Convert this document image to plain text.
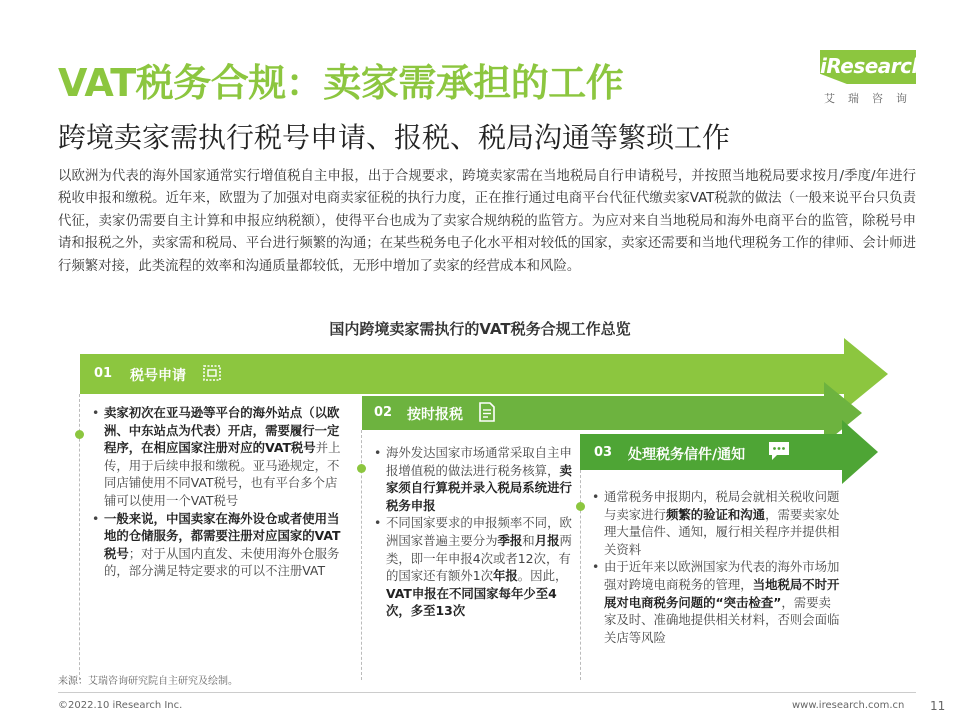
VAT税务合规：卖家需承担的工作
跨境卖家需执行税号申请、报税、税局沟通等繁琐工作
iResearch
艾瑞咨询
以欧洲为代表的海外国家通常实行增值税自主申报，出于合规要求，跨境卖家需在当地税局自行申请税号，并按照当地税局要求按月/季度/年进行税收申报和缴税。近年来，欧盟为了加强对电商卖家征税的执行力度，正在推行通过电商平台代征代缴卖家VAT税款的做法（一般来说平台只负责代征，卖家仍需要自主计算和申报应纳税额），使得平台也成为了卖家合规纳税的监管方。为应对来自当地税局和海外电商平台的监管，除税号申请和报税之外，卖家需和税局、平台进行频繁的沟通；在某些税务电子化水平相对较低的国家，卖家还需要和当地代理税务工作的律师、会计师进行频繁对接，此类流程的效率和沟通质量都较低，无形中增加了卖家的经营成本和风险。
国内跨境卖家需执行的VAT税务合规工作总览
01 税号申请
02 按时报税
03 处理税务信件/通知
• 卖家初次在亚马逊等平台的海外站点（以欧洲、中东站点为代表）开店，需要履行一定程序，在相应国家注册对应的VAT税号并上传，用于后续申报和缴税。亚马逊规定，不同店铺使用不同VAT税号，也有平台多个店铺可以使用一个VAT税号
• 一般来说，中国卖家在海外设仓或者使用当地的仓储服务，都需要注册对应国家的VAT税号；对于从国内直发、未使用海外仓服务的，部分满足特定要求的可以不注册VAT
• 海外发达国家市场通常采取自主申报增值税的做法进行税务核算，卖家须自行算税并录入税局系统进行税务申报
• 不同国家要求的申报频率不同，欧洲国家普遍主要分为季报和月报两类，即一年申报4次或者12次，有的国家还有额外1次年报。因此，VAT申报在不同国家每年少至4次，多至13次
• 通常税务申报期内，税局会就相关税收问题与卖家进行频繁的验证和沟通，需要卖家处理大量信件、通知，履行相关程序并提供相关资料
• 由于近年来以欧洲国家为代表的海外市场加强对跨境电商税务的管理，当地税局不时开展对电商税务问题的“突击检查”，需要卖家及时、准确地提供相关材料，否则会面临关店等风险
来源：艾瑞咨询研究院自主研究及绘制。
©2022.10 iResearch Inc.	www.iresearch.com.cn 11
